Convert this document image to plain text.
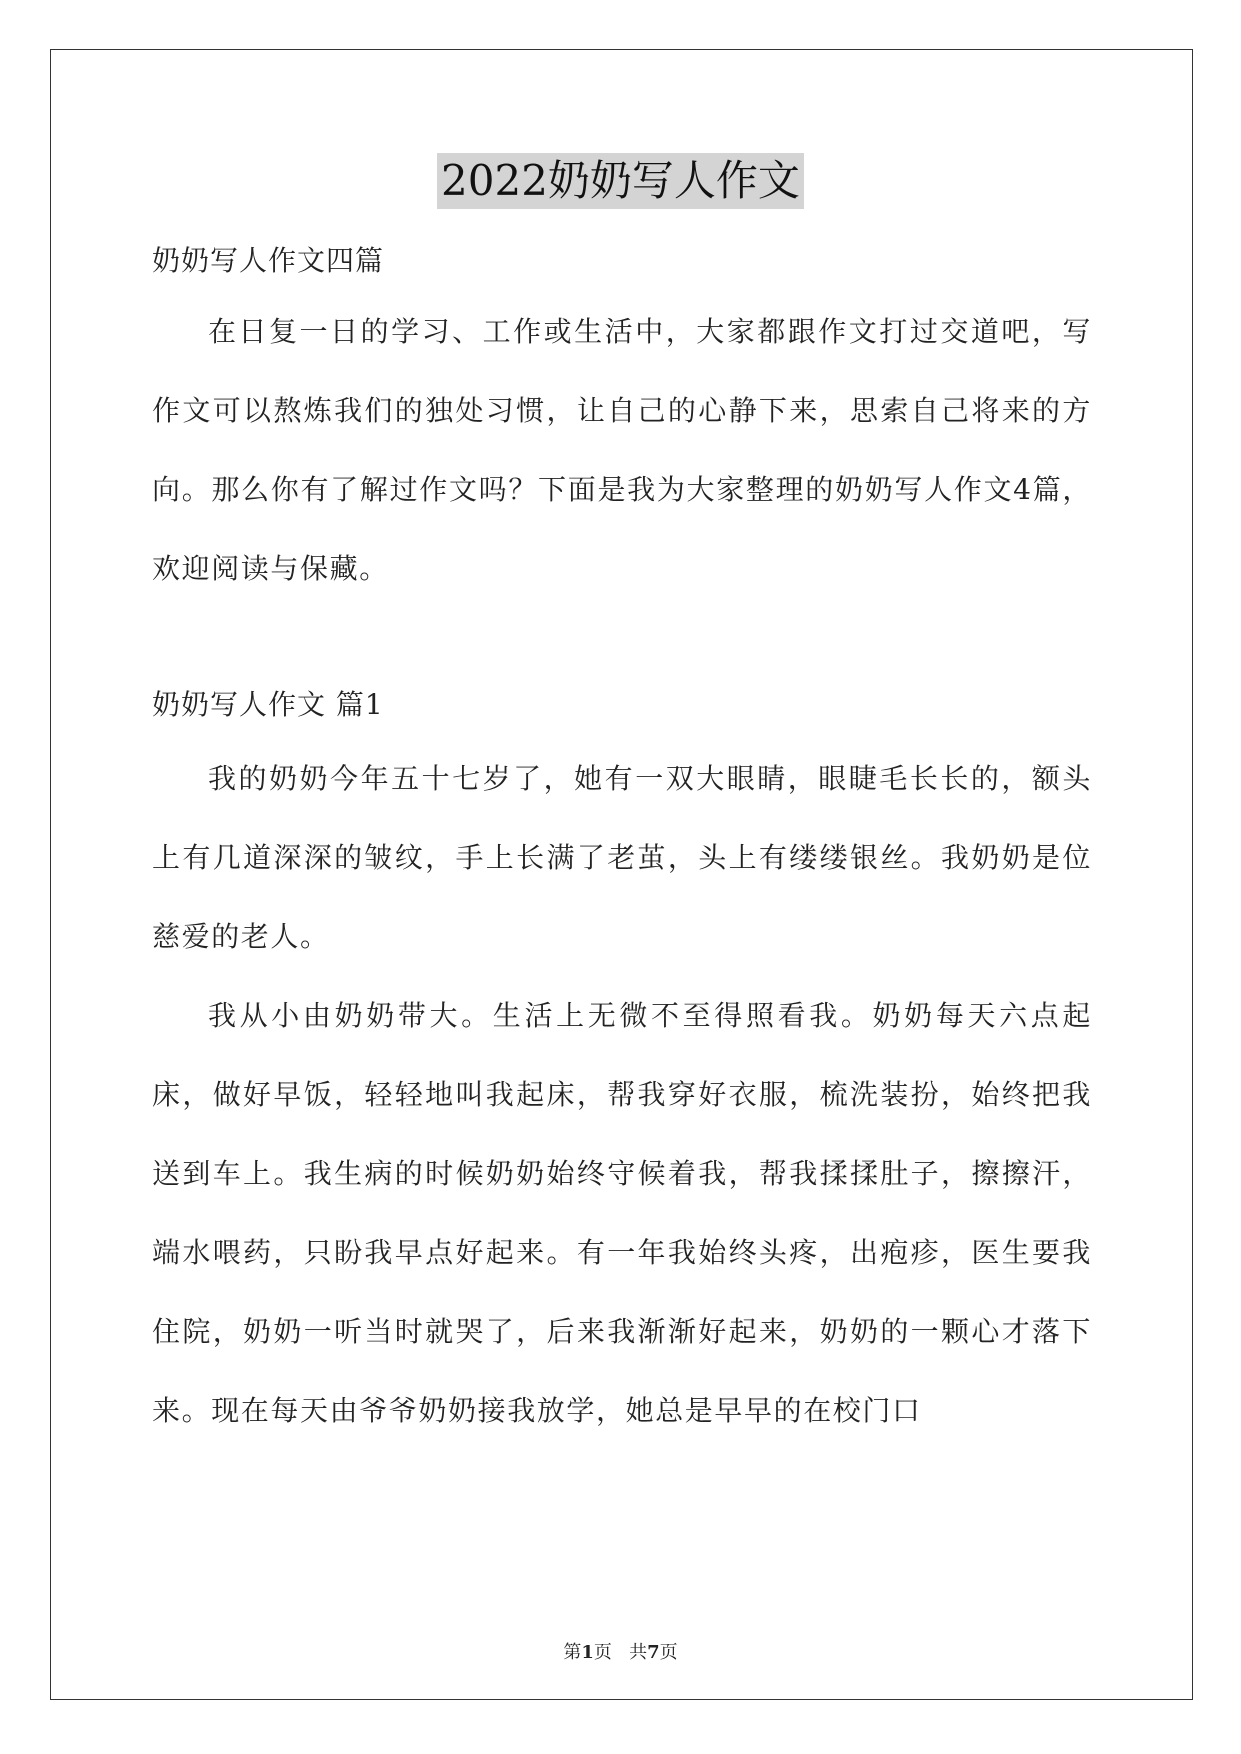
2022奶奶写人作文
奶奶写人作文四篇

在日复一日的学习、工作或生活中，大家都跟作文打过交道吧，写作文可以熬炼我们的独处习惯，让自己的心静下来，思索自己将来的方向。那么你有了解过作文吗？下面是我为大家整理的奶奶写人作文4篇，欢迎阅读与保藏。

奶奶写人作文 篇1

我的奶奶今年五十七岁了，她有一双大眼睛，眼睫毛长长的，额头上有几道深深的皱纹，手上长满了老茧，头上有缕缕银丝。我奶奶是位慈爱的老人。

我从小由奶奶带大。生活上无微不至得照看我。奶奶每天六点起床，做好早饭，轻轻地叫我起床，帮我穿好衣服，梳洗装扮，始终把我送到车上。我生病的时候奶奶始终守候着我，帮我揉揉肚子，擦擦汗，端水喂药，只盼我早点好起来。有一年我始终头疼，出疱疹，医生要我住院，奶奶一听当时就哭了，后来我渐渐好起来，奶奶的一颗心才落下来。现在每天由爷爷奶奶接我放学，她总是早早的在校门口

第1页 共7页
